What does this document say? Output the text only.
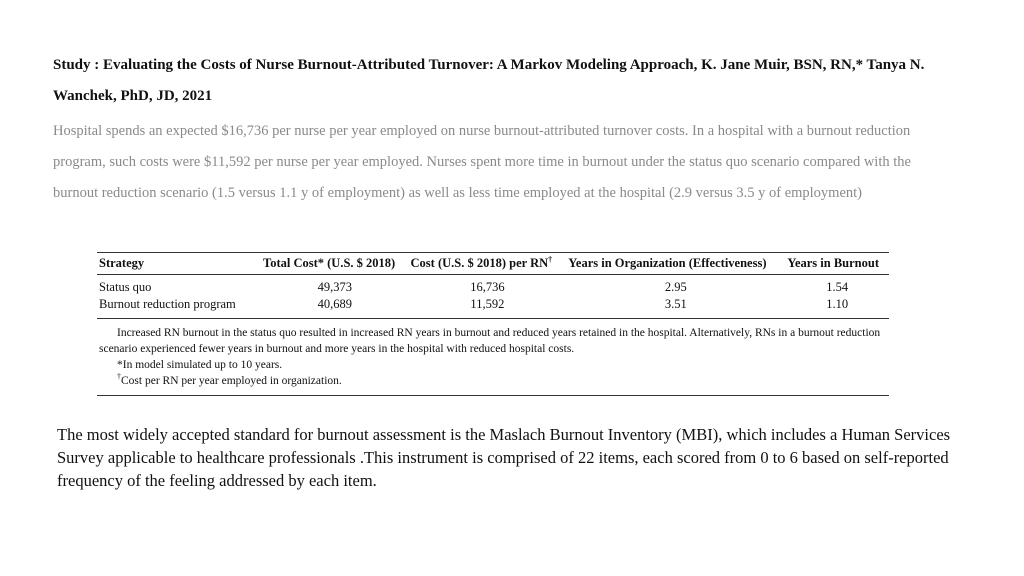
Study : Evaluating the Costs of Nurse Burnout-Attributed Turnover: A Markov Modeling Approach, K. Jane Muir, BSN, RN,* Tanya N. Wanchek, PhD, JD, 2021

Hospital spends an expected $16,736 per nurse per year employed on nurse burnout-attributed turnover costs. In a hospital with a burnout reduction program, such costs were $11,592 per nurse per year employed. Nurses spent more time in burnout under the status quo scenario compared with the burnout reduction scenario (1.5 versus 1.1 y of employment) as well as less time employed at the hospital (2.9 versus 3.5 y of employment)

Strategy	Total Cost* (U.S. $ 2018)	Cost (U.S. $ 2018) per RN†	Years in Organization (Effectiveness)	Years in Burnout
Status quo	49,373	16,736	2.95	1.54
Burnout reduction program	40,689	11,592	3.51	1.10

Increased RN burnout in the status quo resulted in increased RN years in burnout and reduced years retained in the hospital. Alternatively, RNs in a burnout reduction scenario experienced fewer years in burnout and more years in the hospital with reduced hospital costs.

*In model simulated up to 10 years.

†Cost per RN per year employed in organization.

The most widely accepted standard for burnout assessment is the Maslach Burnout Inventory (MBI), which includes a Human Services Survey applicable to healthcare professionals .This instrument is comprised of 22 items, each scored from 0 to 6 based on self-reported frequency of the feeling addressed by each item.
